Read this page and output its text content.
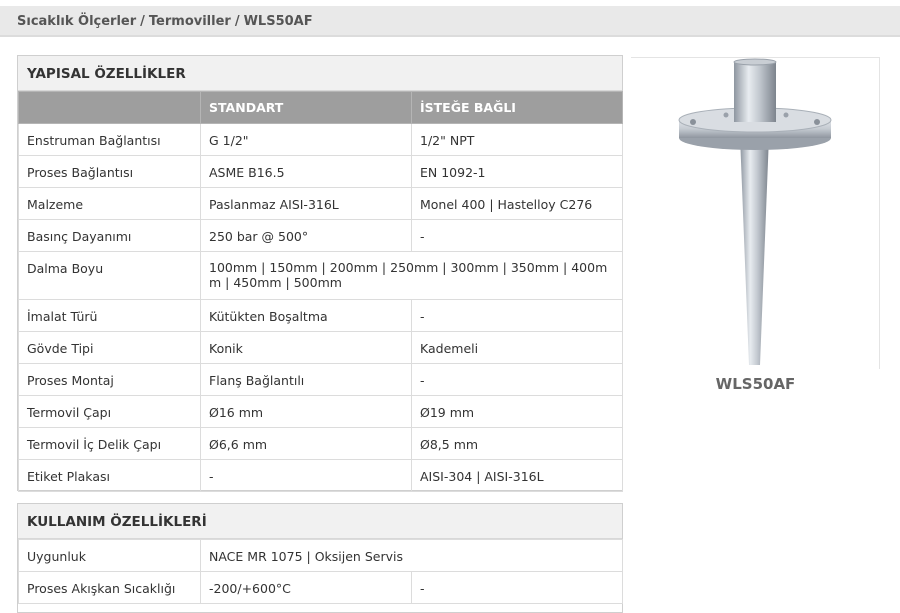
Sıcaklık Ölçerler / Termoviller / WLS50AF
YAPISAL ÖZELLİKLER
	STANDART	İSTEĞE BAĞLI
Enstruman Bağlantısı	G 1/2"	1/2" NPT
Proses Bağlantısı	ASME B16.5	EN 1092-1
Malzeme	Paslanmaz AISI-316L	Monel 400 | Hastelloy C276
Basınç Dayanımı	250 bar @ 500°	-
Dalma Boyu	100mm | 150mm | 200mm | 250mm | 300mm | 350mm | 400mm | 450mm | 500mm	
İmalat Türü	Kütükten Boşaltma	-
Gövde Tipi	Konik	Kademeli
Proses Montaj	Flanş Bağlantılı	-
Termovil Çapı	Ø16 mm	Ø19 mm
Termovil İç Delik Çapı	Ø6,6 mm	Ø8,5 mm
Etiket Plakası	-	AISI-304 | AISI-316L
KULLANIM ÖZELLİKLERİ
Uygunluk	NACE MR 1075 | Oksijen Servis	
Proses Akışkan Sıcaklığı	-200/+600°C	-
WLS50AF
